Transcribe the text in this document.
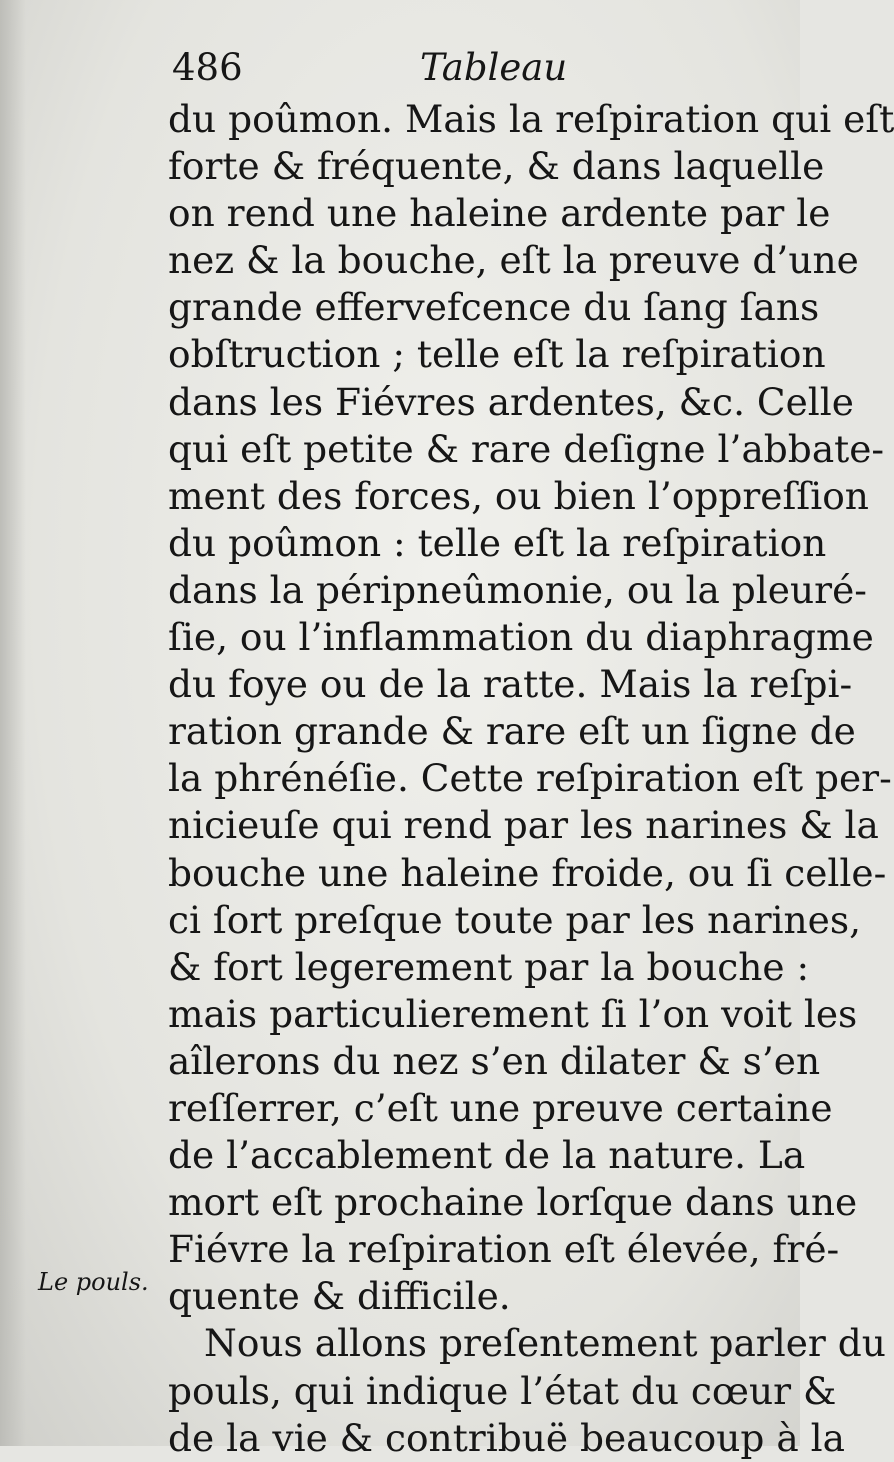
486	Tableau
Le pouls.
du poûmon. Mais la reſpiration qui eſt
forte & fréquente, & dans laquelle
on rend une haleine ardente par le
nez & la bouche, eſt la preuve d’une
grande effervefcence du ſang ſans
obſtruction ; telle eſt la reſpiration
dans les Fiévres ardentes, &c. Celle
qui eſt petite & rare deſigne l’abbate-
ment des forces, ou bien l’oppreſſion
du poûmon : telle eſt la reſpiration
dans la péripneûmonie, ou la pleuré-
ſie, ou l’inflammation du diaphragme
du foye ou de la ratte. Mais la reſpi-
ration grande & rare eſt un ſigne de
la phrénéſie. Cette reſpiration eſt per-
nicieuſe qui rend par les narines & la
bouche une haleine froide, ou ſi celle-
ci ſort preſque toute par les narines,
& fort legerement par la bouche :
mais particulierement ſi l’on voit les
aîlerons du nez s’en dilater & s’en
reſſerrer, c’eſt une preuve certaine
de l’accablement de la nature. La
mort eſt prochaine lorſque dans une
Fiévre la reſpiration eſt élevée, fré-
quente & difficile.
Nous allons preſentement parler du
pouls, qui indique l’état du cœur &
de la vie & contribuë beaucoup à la
